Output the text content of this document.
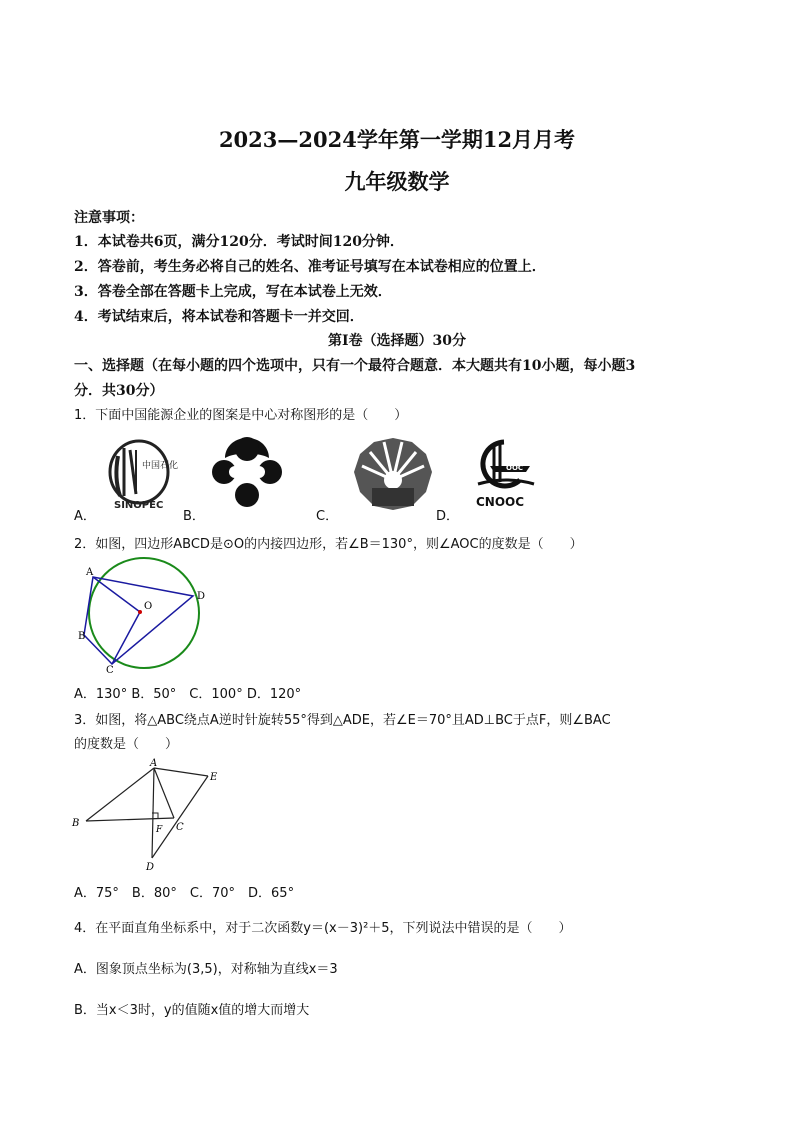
2023—2024学年第一学期12月月考
九年级数学
注意事项：
1．本试卷共6页，满分120分．考试时间120分钟．
2．答卷前，考生务必将自己的姓名、准考证号填写在本试卷相应的位置上．
3．答卷全部在答题卡上完成，写在本试卷上无效．
4．考试结束后，将本试卷和答题卡一并交回．
第Ⅰ卷（选择题）30分
一、选择题（在每小题的四个选项中，只有一个最符合题意．本大题共有10小题，每小题3
分．共30分）
1．下面中国能源企业的图案是中心对称图形的是（　　）
中国石化
SINOPEC
A．	B．	C．
OOC
CNOOC
D．
2．如图，四边形ABCD是⊙O的内接四边形，若∠B＝130°，则∠AOC的度数是（　　）
A
B
C
D
O
A．130° B．50°　C．100° D．120°
3．如图，将△ABC绕点A逆时针旋转55°得到△ADE，若∠E＝70°且AD⊥BC于点F，则∠BAC
的度数是（　　）
A
B	C
D
E
F
A．75°　B．80°　C．70°　D．65°
4．在平面直角坐标系中，对于二次函数y＝(x－3)²＋5，下列说法中错误的是（　　）
A．图象顶点坐标为(3,5)，对称轴为直线x＝3
B．当x＜3时，y的值随x值的增大而增大
